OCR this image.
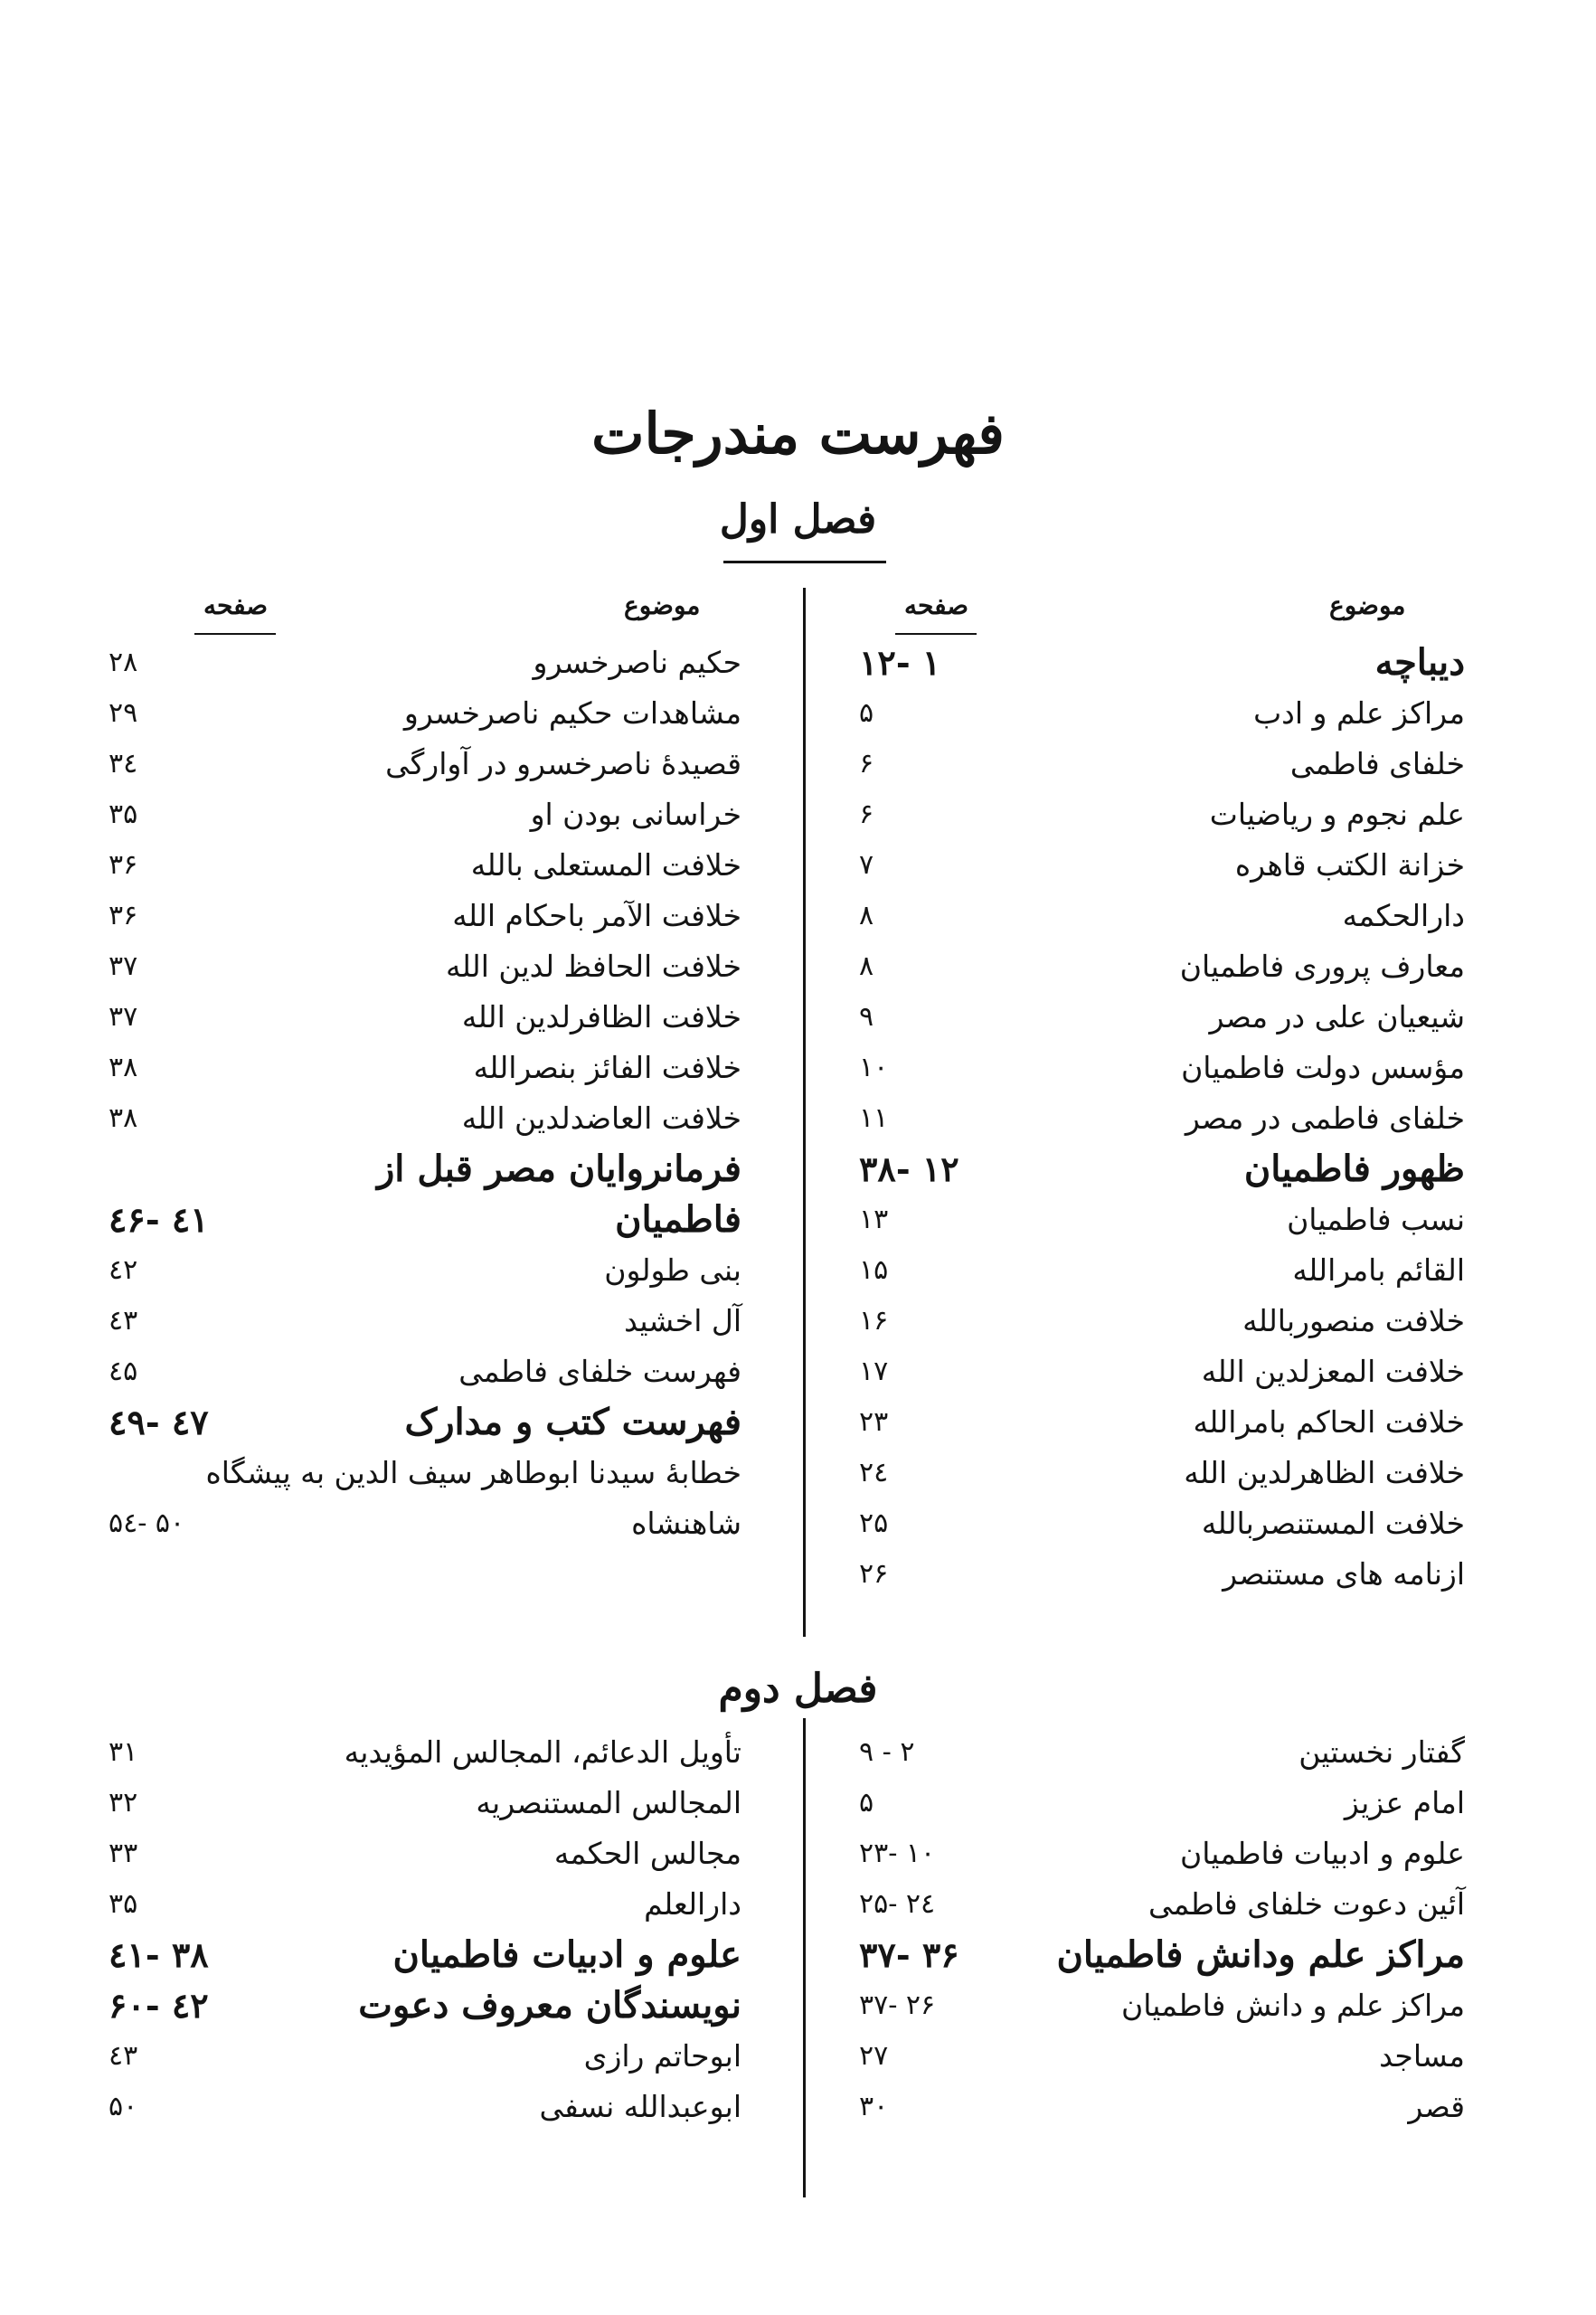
فهرست مندرجات
فصل اول
موضوع
صفحه
موضوع
صفحه
دیباچه
۱ -۱۲
مراکز علم و ادب
۵
خلفای فاطمی
۶
علم نجوم و ریاضیات
۶
خزانة الکتب قاهره
۷
دارالحکمه
۸
معارف پروری فاطمیان
۸
شیعیان علی در مصر
۹
مؤسس دولت فاطمیان
۱۰
خلفای فاطمی در مصر
۱۱
ظهور فاطمیان
۱۲ -۳۸
نسب فاطمیان
۱۳
القائم بامرالله
۱۵
خلافت منصوربالله
۱۶
خلافت المعزلدین الله
۱۷
خلافت الحاکم بامرالله
۲۳
خلافت الظاهرلدین الله
۲٤
خلافت المستنصربالله
۲۵
ازنامه های مستنصر
۲۶
حکیم ناصرخسرو
۲۸
مشاهدات حکیم ناصرخسرو
۲۹
قصیدهٔ ناصرخسرو در آوارگی
۳٤
خراسانی بودن او
۳۵
خلافت المستعلی بالله
۳۶
خلافت الآمر باحکام الله
۳۶
خلافت الحافظ لدین الله
۳۷
خلافت الظافرلدین الله
۳۷
خلافت الفائز بنصرالله
۳۸
خلافت العاضدلدین الله
۳۸
فرمانروایان مصر قبل از
فاطمیان
٤۱ -٤۶
بنی طولون
٤۲
آل اخشید
٤۳
فهرست خلفای فاطمی
٤۵
فهرست کتب و مدارک
٤۷ -٤۹
خطابهٔ سیدنا ابوطاهر سیف الدین به پیشگاه
شاهنشاه
۵۰ -۵٤
فصل دوم
گفتار نخستین
۲ - ۹
امام عزیز
۵
علوم و ادبیات فاطمیان
۱۰ -۲۳
آئین دعوت خلفای فاطمی
۲٤ -۲۵
مراکز علم ودانش فاطمیان
۳۶ -۳۷
مراکز علم و دانش فاطمیان
۲۶ -۳۷
مساجد
۲۷
قصر
۳۰
تأویل الدعائم، المجالس المؤیدیه
۳۱
المجالس المستنصریه
۳۲
مجالس الحکمه
۳۳
دارالعلم
۳۵
علوم و ادبیات فاطمیان
۳۸ -٤۱
نویسندگان معروف دعوت
٤۲ -۶۰
ابوحاتم رازی
٤۳
ابوعبدالله نسفی
۵۰
